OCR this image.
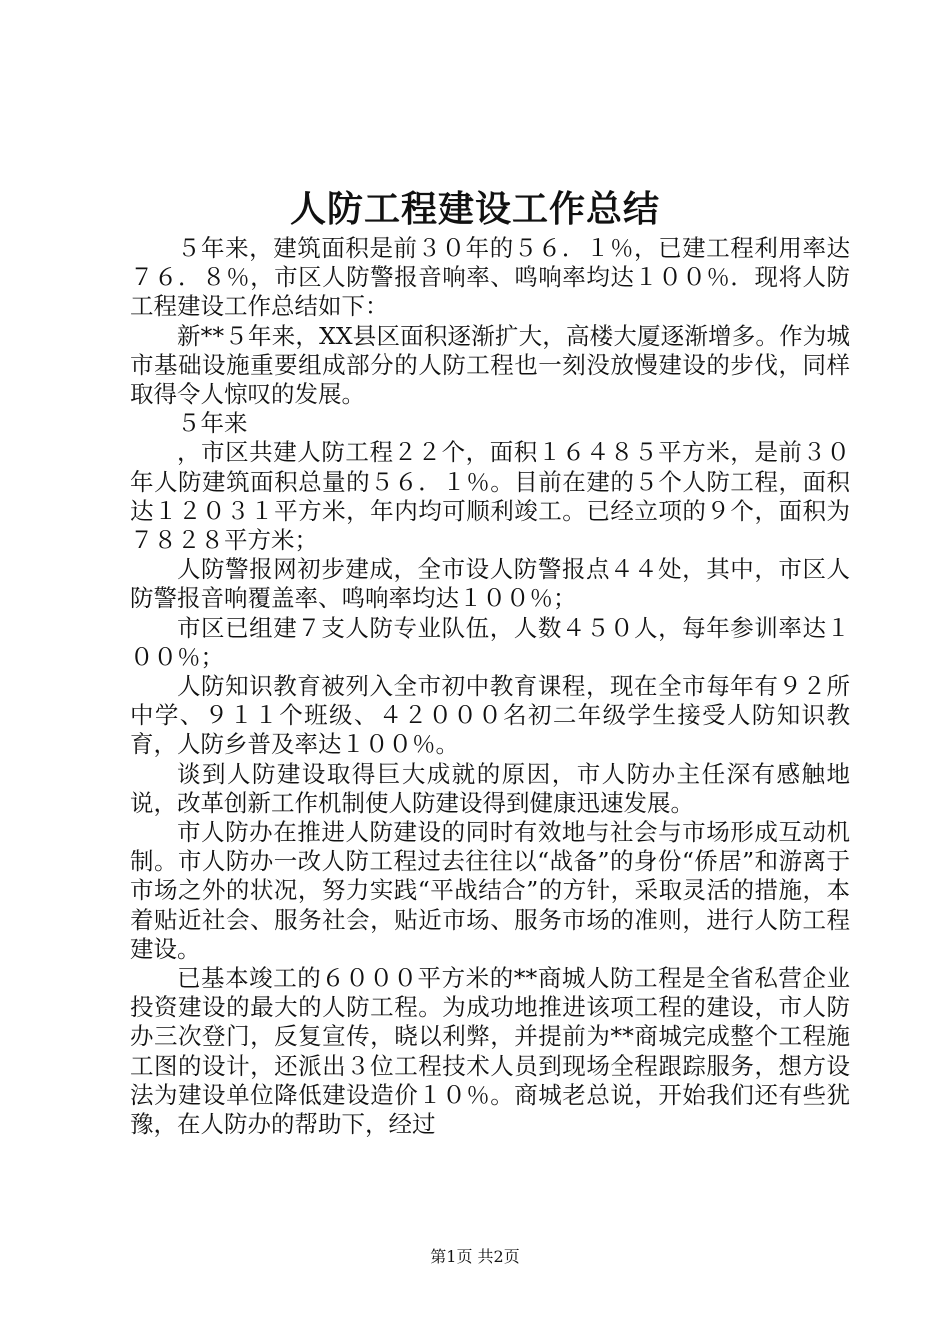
人防工程建设工作总结

５年来，建筑面积是前３０年的５６．１％，已建工程利用率达７６．８％，市区人防警报音响率、鸣响率均达１００％．现将人防工程建设工作总结如下：

新**５年来，XX县区面积逐渐扩大，高楼大厦逐渐增多。作为城市基础设施重要组成部分的人防工程也一刻没放慢建设的步伐，同样取得令人惊叹的发展。

５年来

，市区共建人防工程２２个，面积１６４８５平方米，是前３０年人防建筑面积总量的５６．１％。目前在建的５个人防工程，面积达１２０３１平方米，年内均可顺利竣工。已经立项的９个，面积为７８２８平方米；

人防警报网初步建成，全市设人防警报点４４处，其中，市区人防警报音响覆盖率、鸣响率均达１００％；

市区已组建７支人防专业队伍，人数４５０人，每年参训率达１００％；

人防知识教育被列入全市初中教育课程，现在全市每年有９２所中学、９１１个班级、４２０００名初二年级学生接受人防知识教育，人防乡普及率达１００％。

谈到人防建设取得巨大成就的原因，市人防办主任深有感触地说，改革创新工作机制使人防建设得到健康迅速发展。

市人防办在推进人防建设的同时有效地与社会与市场形成互动机制。市人防办一改人防工程过去往往以“战备”的身份“侨居”和游离于市场之外的状况，努力实践“平战结合”的方针，采取灵活的措施，本着贴近社会、服务社会，贴近市场、服务市场的准则，进行人防工程建设。

已基本竣工的６０００平方米的**商城人防工程是全省私营企业投资建设的最大的人防工程。为成功地推进该项工程的建设，市人防办三次登门，反复宣传，晓以利弊，并提前为**商城完成整个工程施工图的设计，还派出３位工程技术人员到现场全程跟踪服务，想方设法为建设单位降低建设造价１０％。商城老总说，开始我们还有些犹豫，在人防办的帮助下，经过

第1页 共2页
